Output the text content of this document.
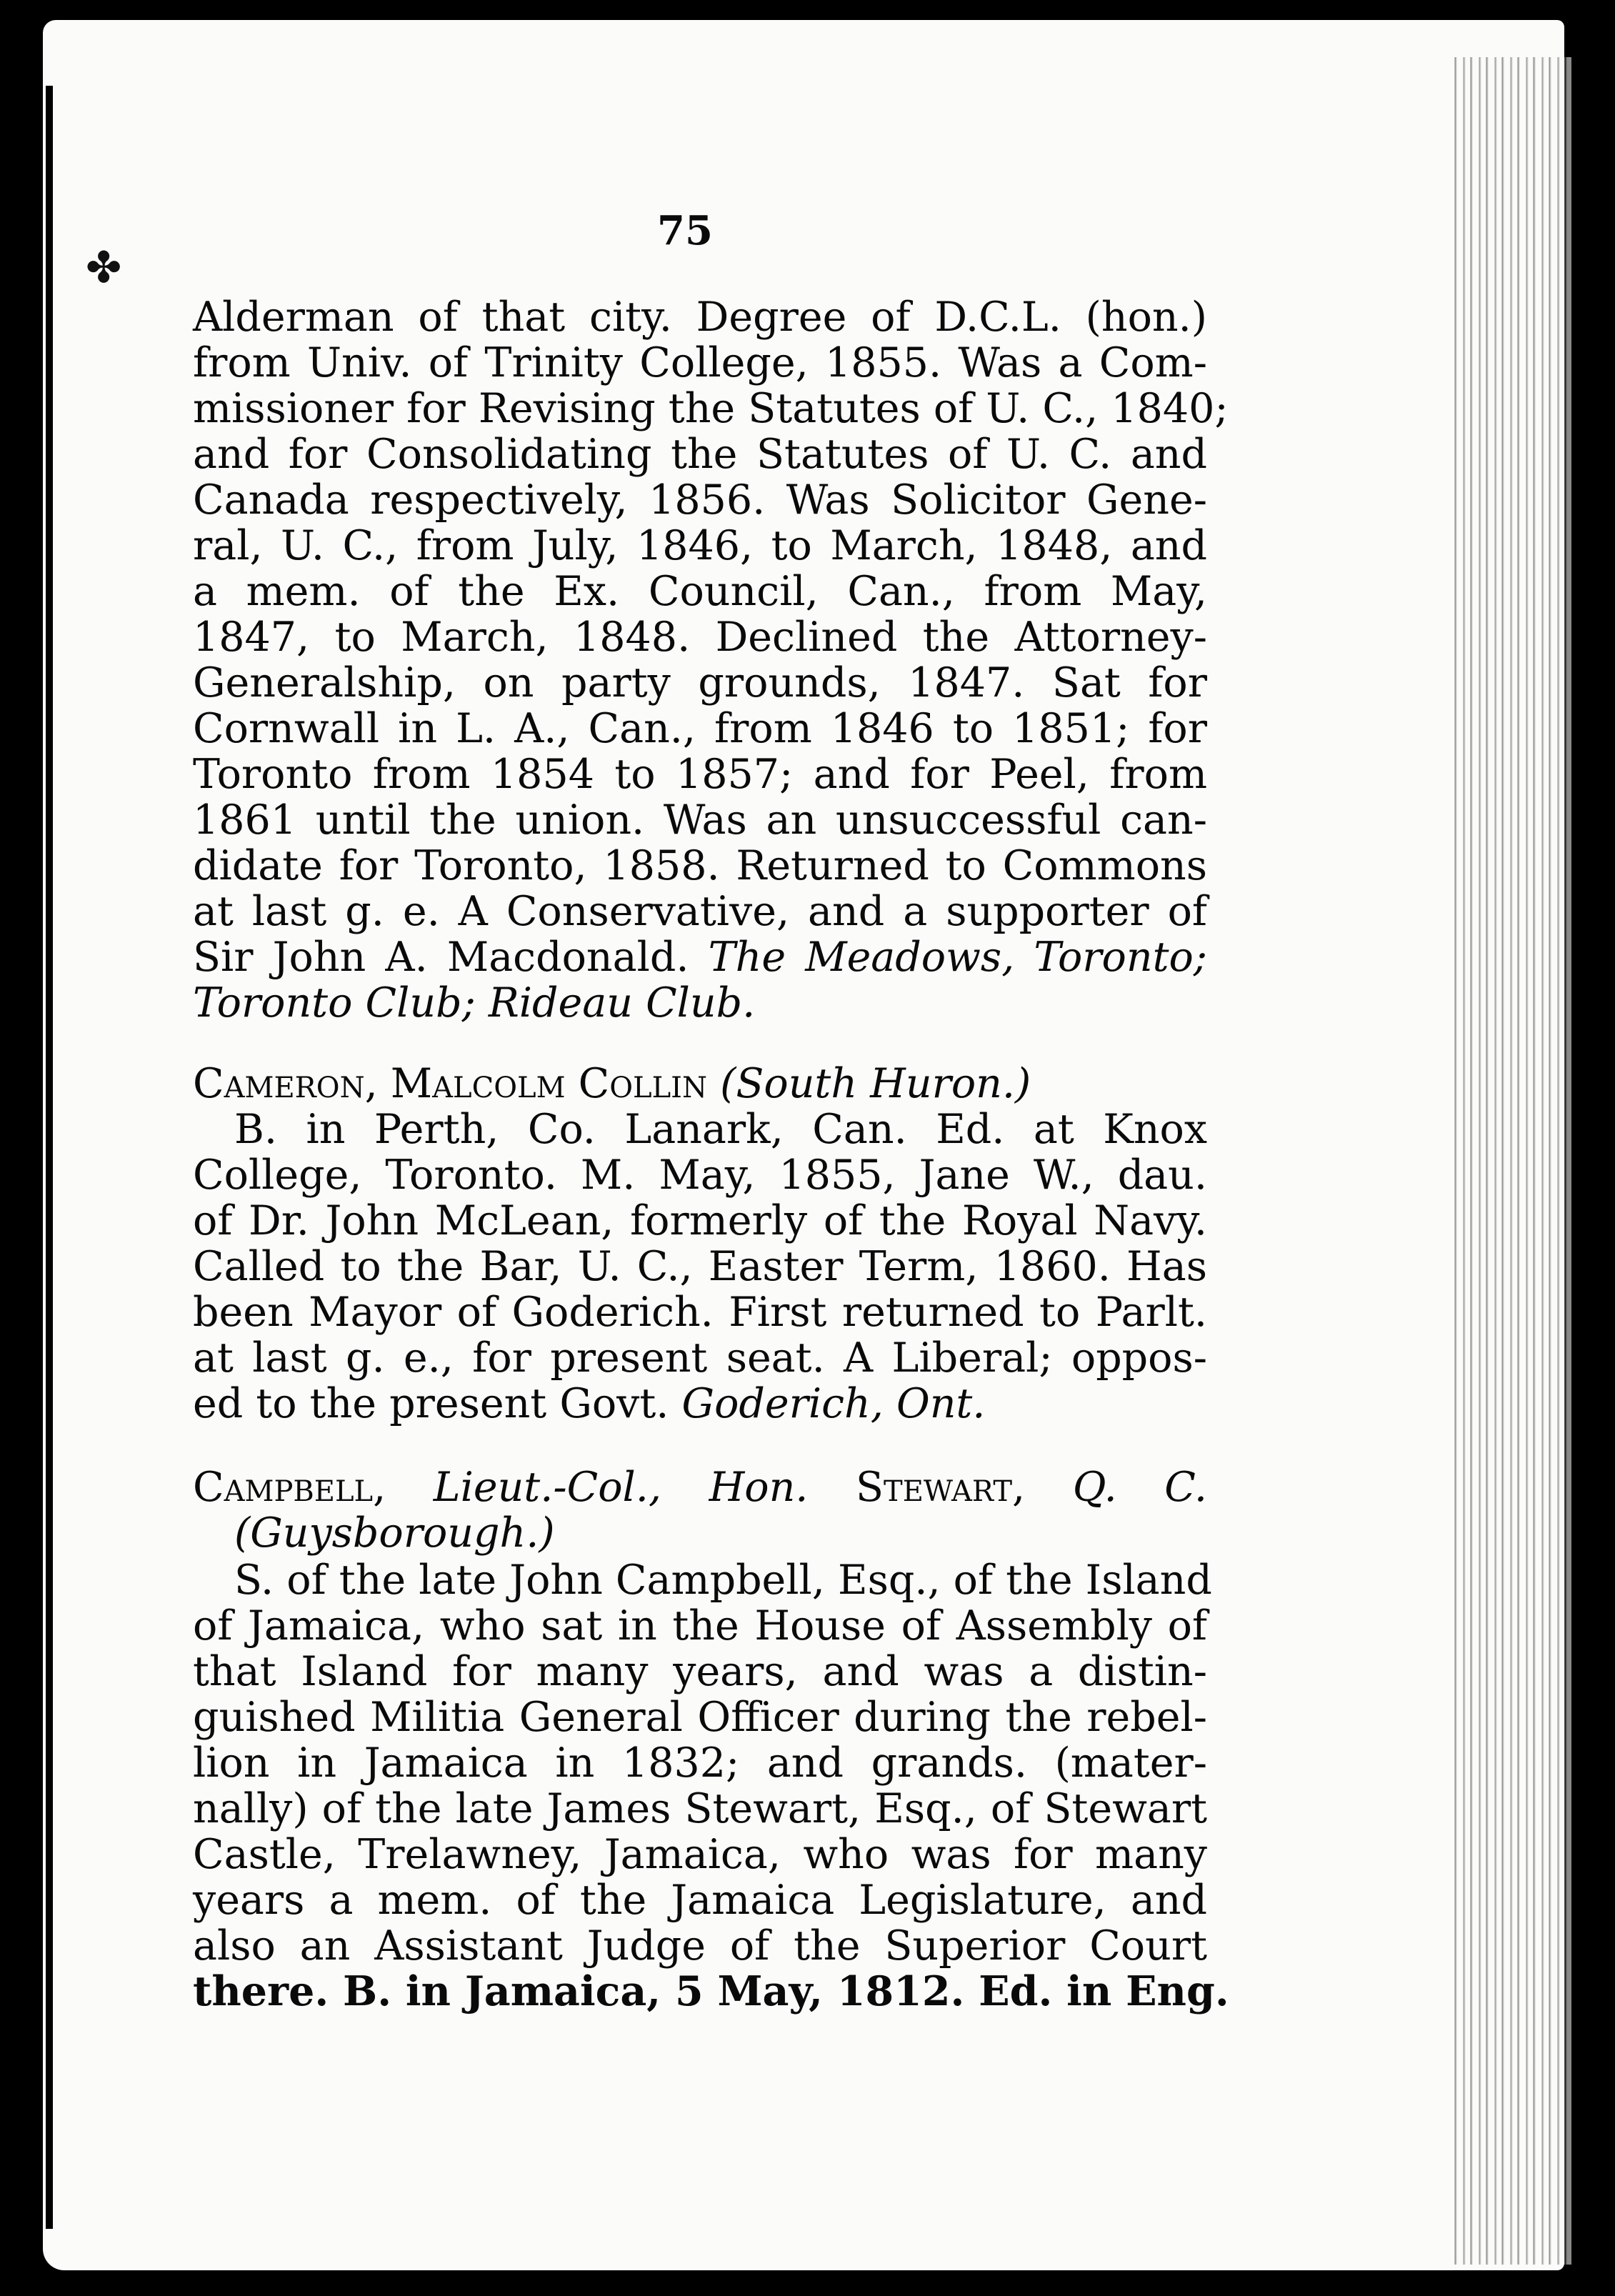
✤
75
Alderman of that city. Degree of D.C.L. (hon.)
from Univ. of Trinity College, 1855. Was a Com-
missioner for Revising the Statutes of U. C., 1840;
and for Consolidating the Statutes of U. C. and
Canada respectively, 1856. Was Solicitor Gene-
ral, U. C., from July, 1846, to March, 1848, and
a mem. of the Ex. Council, Can., from May,
1847, to March, 1848. Declined the Attorney-
Generalship, on party grounds, 1847. Sat for
Cornwall in L. A., Can., from 1846 to 1851; for
Toronto from 1854 to 1857; and for Peel, from
1861 until the union. Was an unsuccessful can-
didate for Toronto, 1858. Returned to Commons
at last g. e. A Conservative, and a supporter of
Sir John A. Macdonald. The Meadows, Toronto;
Toronto Club; Rideau Club.
Cameron, Malcolm Collin (South Huron.)
B. in Perth, Co. Lanark, Can. Ed. at Knox
College, Toronto. M. May, 1855, Jane W., dau.
of Dr. John McLean, formerly of the Royal Navy.
Called to the Bar, U. C., Easter Term, 1860. Has
been Mayor of Goderich. First returned to Parlt.
at last g. e., for present seat. A Liberal; oppos-
ed to the present Govt. Goderich, Ont.
Campbell, Lieut.-Col., Hon. Stewart, Q. C.
(Guysborough.)
S. of the late John Campbell, Esq., of the Island
of Jamaica, who sat in the House of Assembly of
that Island for many years, and was a distin-
guished Militia General Officer during the rebel-
lion in Jamaica in 1832; and grands. (mater-
nally) of the late James Stewart, Esq., of Stewart
Castle, Trelawney, Jamaica, who was for many
years a mem. of the Jamaica Legislature, and
also an Assistant Judge of the Superior Court
there. B. in Jamaica, 5 May, 1812. Ed. in Eng.
